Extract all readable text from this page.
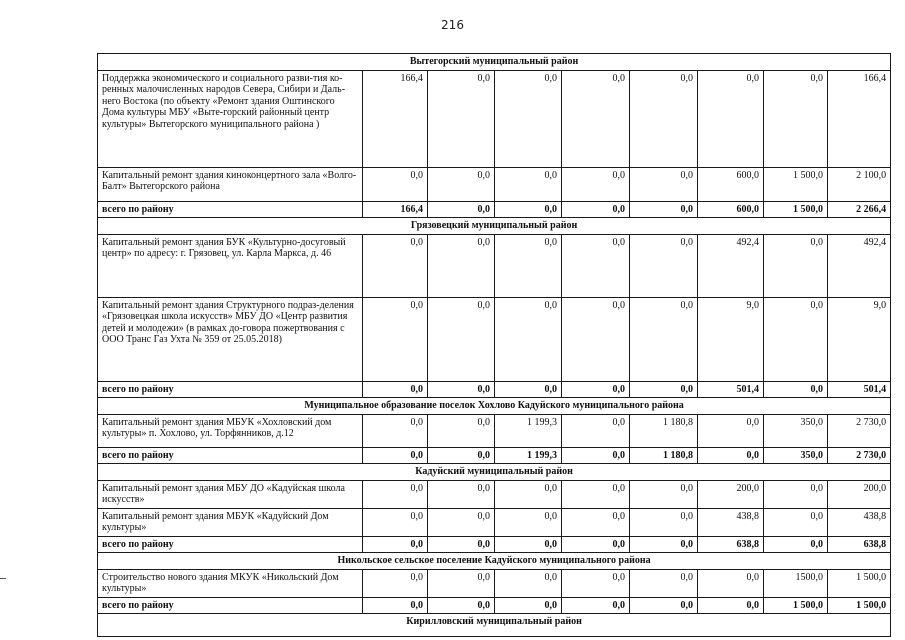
216
Вытегорский муниципальный район								
Поддержка экономического и социального разви-тия ко-ренных малочисленных народов Севера, Сибири и Даль-него Востока (по объекту «Ремонт здания Оштинского Дома культуры МБУ «Выте-горский районный центр культуры» Вытегорского муниципального района )	166,4	0,0	0,0	0,0	0,0	0,0	0,0	166,4
Капитальный ремонт здания киноконцертного зала «Волго-Балт» Вытегорского района	0,0	0,0	0,0	0,0	0,0	600,0	1 500,0	2 100,0
всего по району	166,4	0,0	0,0	0,0	0,0	600,0	1 500,0	2 266,4
Грязовецкий муниципальный район								
Капитальный ремонт здания БУК «Культурно-досуговый центр» по адресу: г. Грязовец, ул. Карла Маркса, д. 46	0,0	0,0	0,0	0,0	0,0	492,4	0,0	492,4
Капитальный ремонт здания Структурного подраз-деления «Грязовецкая школа искусств» МБУ ДО «Центр развития детей и молодежи» (в рамках до-говора пожертвования с ООО Транс Газ Ухта № 359 от 25.05.2018)	0,0	0,0	0,0	0,0	0,0	9,0	0,0	9,0
всего по району	0,0	0,0	0,0	0,0	0,0	501,4	0,0	501,4
Муниципальное образование поселок Хохлово Кадуйского муниципального района								
Капитальный ремонт здания МБУК «Хохловский дом культуры» п. Хохлово, ул. Торфянников, д.12	0,0	0,0	1 199,3	0,0	1 180,8	0,0	350,0	2 730,0
всего по району	0,0	0,0	1 199,3	0,0	1 180,8	0,0	350,0	2 730,0
Кадуйский муниципальный район								
Капитальный ремонт здания МБУ ДО «Кадуйская школа искусств»	0,0	0,0	0,0	0,0	0,0	200,0	0,0	200,0
Капитальный ремонт здания МБУК «Кадуйский Дом культуры»	0,0	0,0	0,0	0,0	0,0	438,8	0,0	438,8
всего по району	0,0	0,0	0,0	0,0	0,0	638,8	0,0	638,8
Никольское сельское поселение Кадуйского муниципального района								
Строительство нового здания МКУК «Никольский Дом культуры»	0,0	0,0	0,0	0,0	0,0	0,0	1500,0	1 500,0
всего по району	0,0	0,0	0,0	0,0	0,0	0,0	1 500,0	1 500,0
Кирилловский муниципальный район								
